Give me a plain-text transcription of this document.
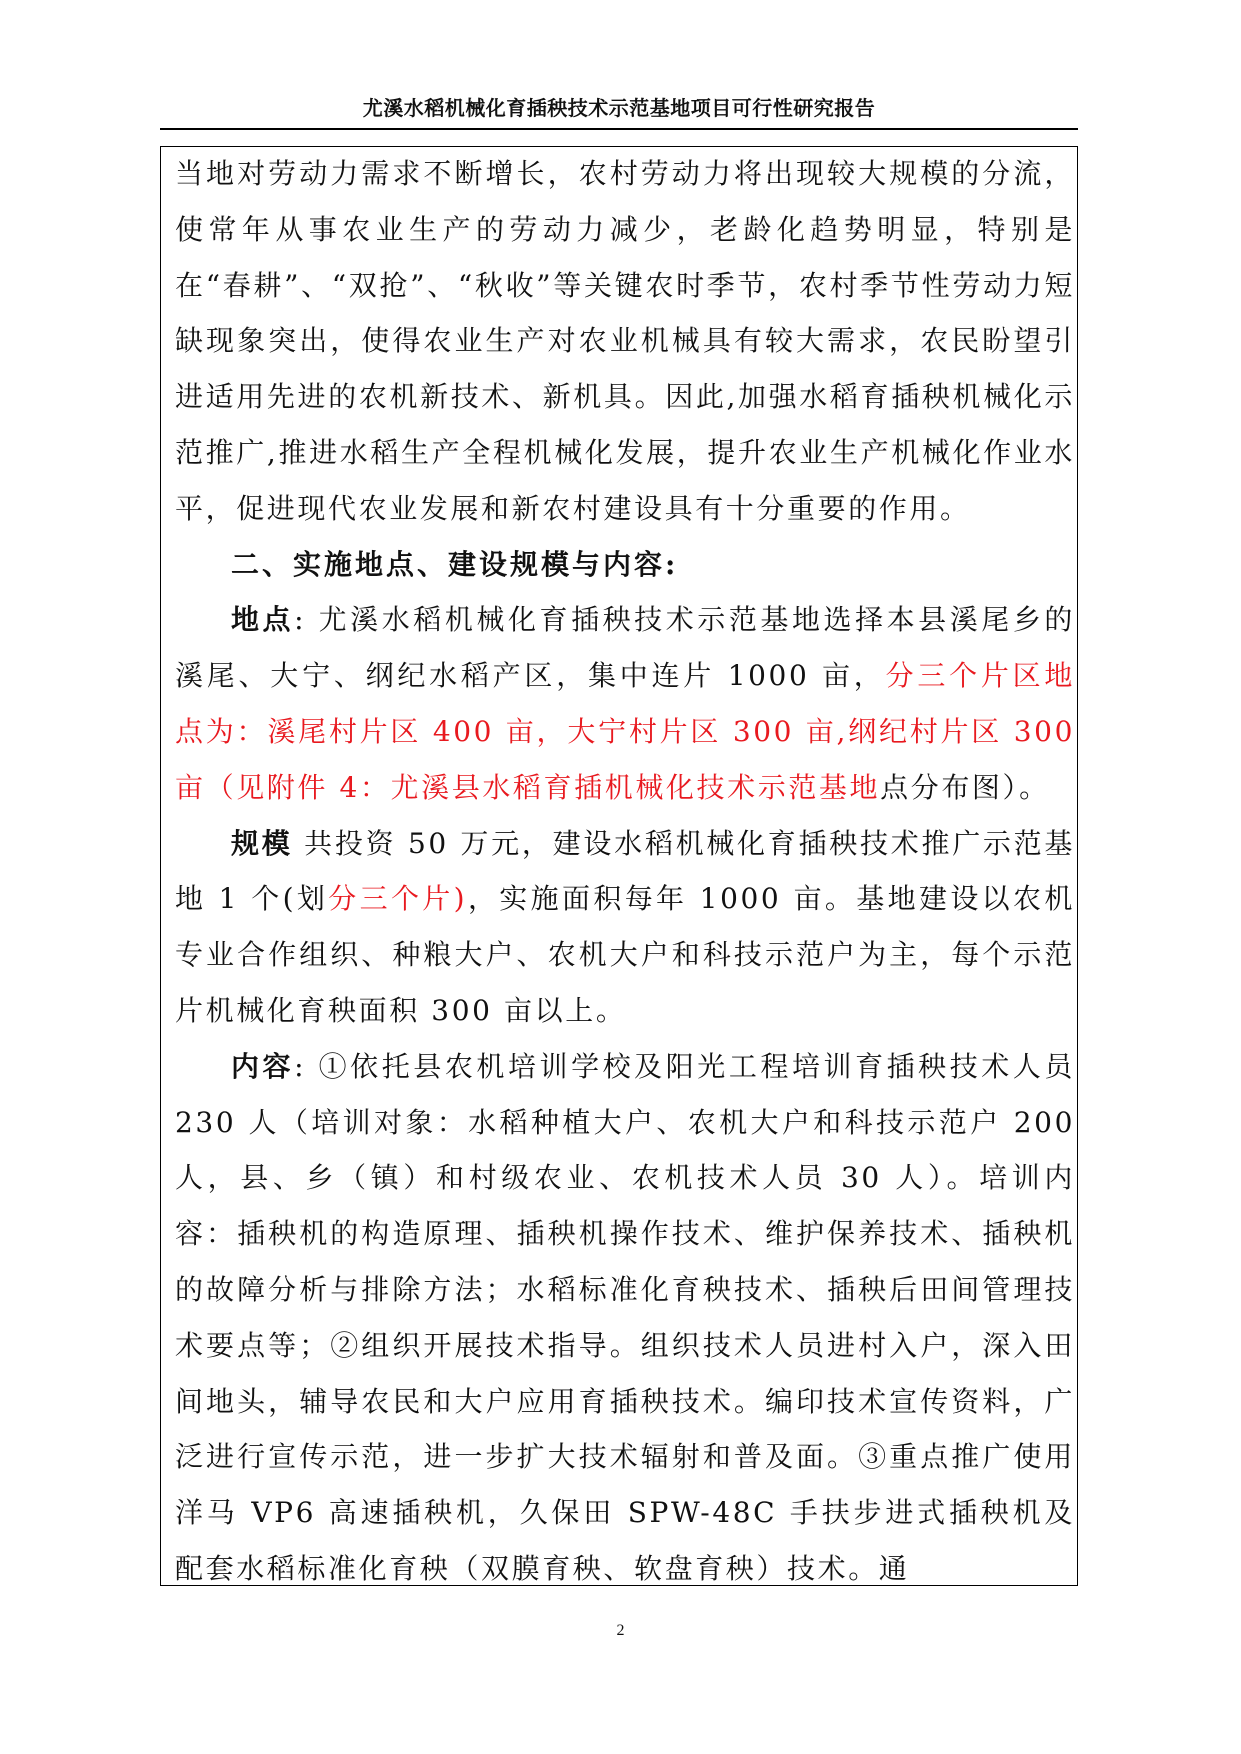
尤溪水稻机械化育插秧技术示范基地项目可行性研究报告

当地对劳动力需求不断增长，农村劳动力将出现较大规模的分流，使常年从事农业生产的劳动力减少，老龄化趋势明显，特别是在“春耕”、“双抢”、“秋收”等关键农时季节，农村季节性劳动力短缺现象突出，使得农业生产对农业机械具有较大需求，农民盼望引进适用先进的农机新技术、新机具。因此,加强水稻育插秧机械化示范推广,推进水稻生产全程机械化发展，提升农业生产机械化作业水平，促进现代农业发展和新农村建设具有十分重要的作用。

二、实施地点、建设规模与内容:

地点: 尤溪水稻机械化育插秧技术示范基地选择本县溪尾乡的溪尾、大宁、纲纪水稻产区，集中连片 1000 亩，分三个片区地点为：溪尾村片区 400 亩，大宁村片区 300 亩,纲纪村片区 300 亩（见附件 4：尤溪县水稻育插机械化技术示范基地点分布图）。

规模 共投资 50 万元，建设水稻机械化育插秧技术推广示范基地 1 个(划分三个片)，实施面积每年 1000 亩。基地建设以农机专业合作组织、种粮大户、农机大户和科技示范户为主，每个示范片机械化育秧面积 300 亩以上。

内容: ①依托县农机培训学校及阳光工程培训育插秧技术人员 230 人（培训对象：水稻种植大户、农机大户和科技示范户 200 人，县、乡（镇）和村级农业、农机技术人员 30 人）。培训内容：插秧机的构造原理、插秧机操作技术、维护保养技术、插秧机的故障分析与排除方法；水稻标准化育秧技术、插秧后田间管理技术要点等；②组织开展技术指导。组织技术人员进村入户，深入田间地头，辅导农民和大户应用育插秧技术。编印技术宣传资料，广泛进行宣传示范，进一步扩大技术辐射和普及面。③重点推广使用洋马 VP6 高速插秧机，久保田 SPW-48C 手扶步进式插秧机及配套水稻标准化育秧（双膜育秧、软盘育秧）技术。通

2
